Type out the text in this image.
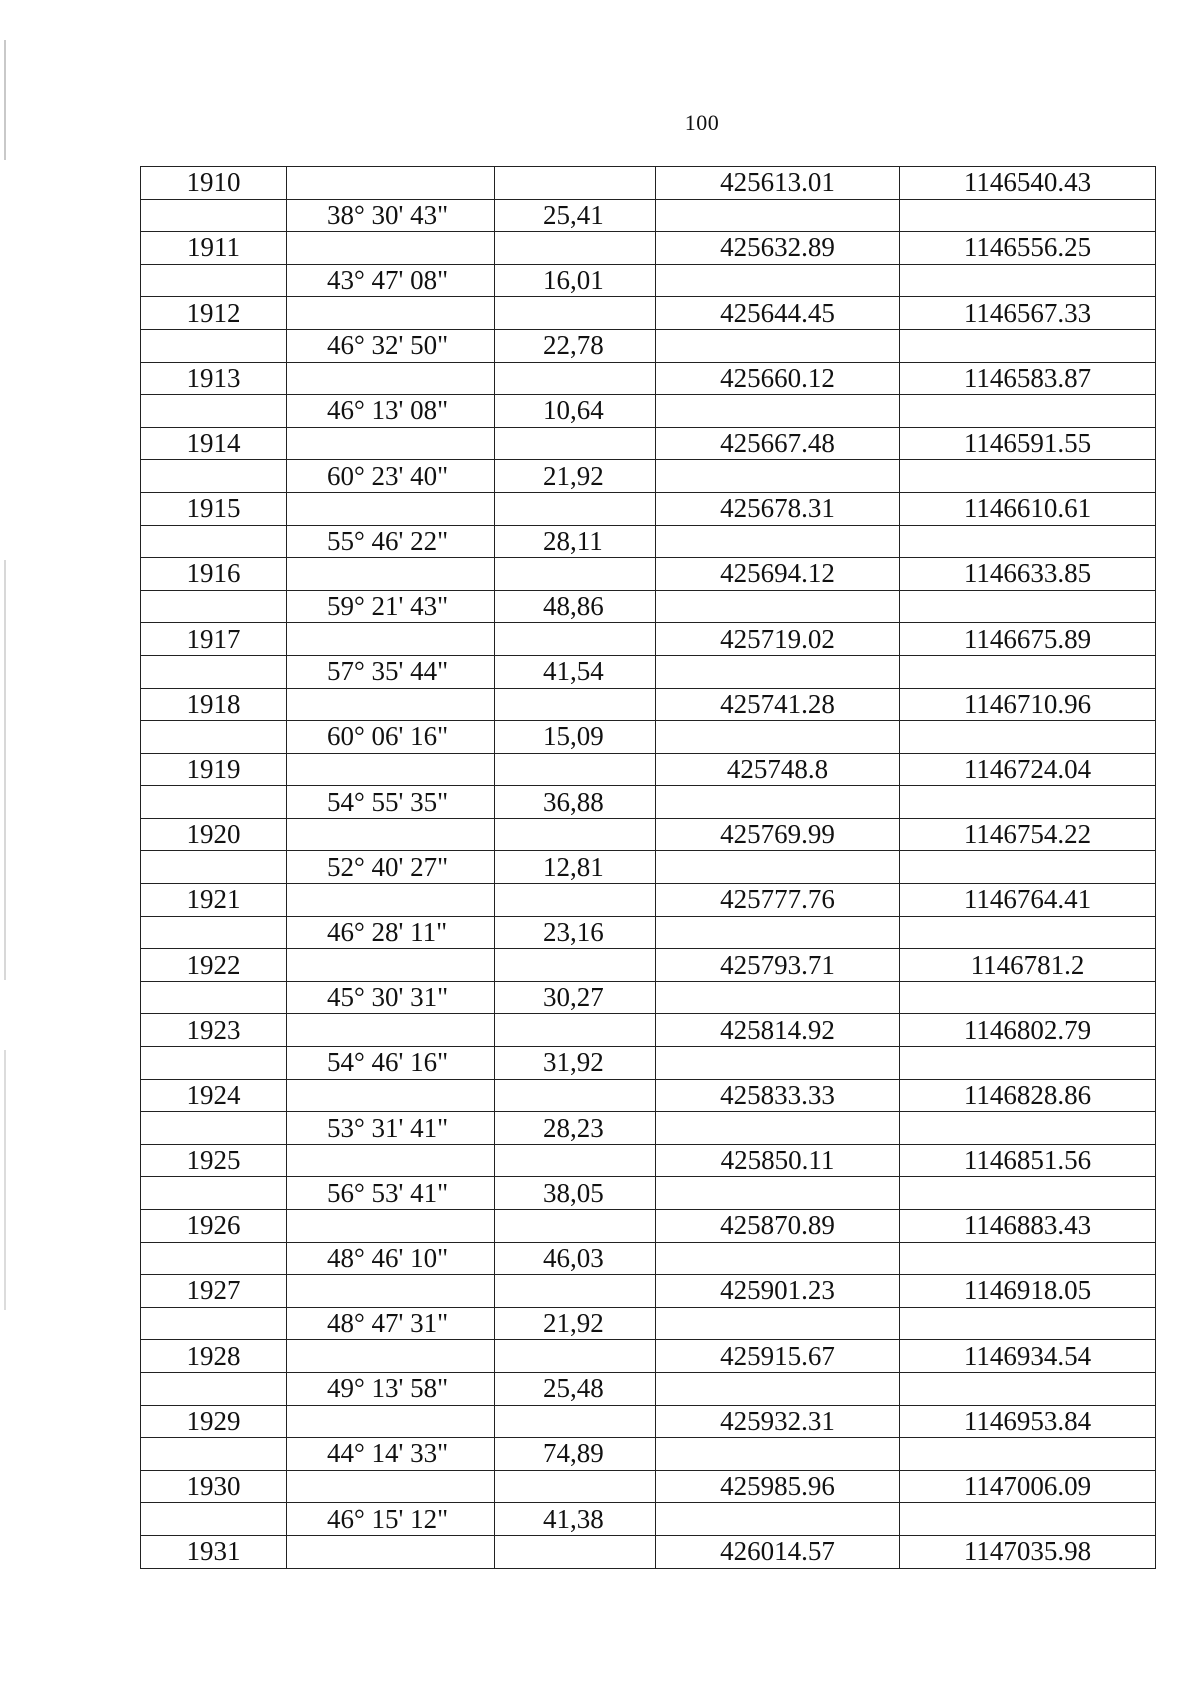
100
1910			425613.01	1146540.43
	38° 30' 43"	25,41		
1911			425632.89	1146556.25
	43° 47' 08"	16,01		
1912			425644.45	1146567.33
	46° 32' 50"	22,78		
1913			425660.12	1146583.87
	46° 13' 08"	10,64		
1914			425667.48	1146591.55
	60° 23' 40"	21,92		
1915			425678.31	1146610.61
	55° 46' 22"	28,11		
1916			425694.12	1146633.85
	59° 21' 43"	48,86		
1917			425719.02	1146675.89
	57° 35' 44"	41,54		
1918			425741.28	1146710.96
	60° 06' 16"	15,09		
1919			425748.8	1146724.04
	54° 55' 35"	36,88		
1920			425769.99	1146754.22
	52° 40' 27"	12,81		
1921			425777.76	1146764.41
	46° 28' 11"	23,16		
1922			425793.71	1146781.2
	45° 30' 31"	30,27		
1923			425814.92	1146802.79
	54° 46' 16"	31,92		
1924			425833.33	1146828.86
	53° 31' 41"	28,23		
1925			425850.11	1146851.56
	56° 53' 41"	38,05		
1926			425870.89	1146883.43
	48° 46' 10"	46,03		
1927			425901.23	1146918.05
	48° 47' 31"	21,92		
1928			425915.67	1146934.54
	49° 13' 58"	25,48		
1929			425932.31	1146953.84
	44° 14' 33"	74,89		
1930			425985.96	1147006.09
	46° 15' 12"	41,38		
1931			426014.57	1147035.98
